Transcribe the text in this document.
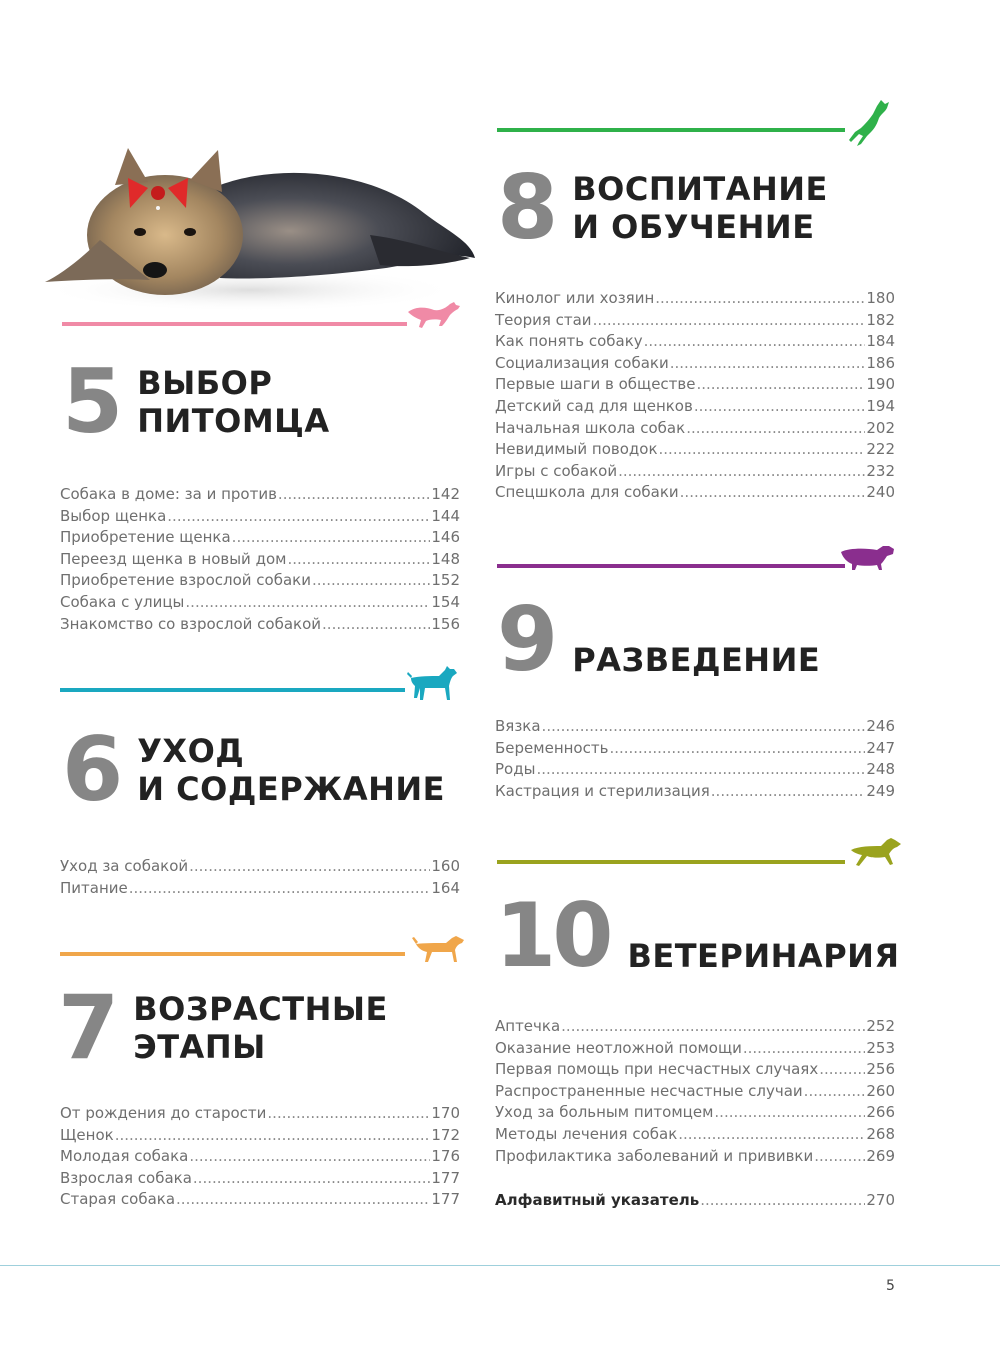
5 ВЫБОР
ПИТОМЦА
Собака в доме: за и против .....	142
Выбор щенка .....	144
Приобретение щенка .....	146
Переезд щенка в новый дом .....	148
Приобретение взрослой собаки .....	152
Собака с улицы .....	154
Знакомство со взрослой собакой .....	156
6 УХОД
И СОДЕРЖАНИЕ
Уход за собакой .....	160
Питание .....	164
7 ВОЗРАСТНЫЕ
ЭТАПЫ
От рождения до старости .....	170
Щенок .....	172
Молодая собака .....	176
Взрослая собака .....	177
Старая собака .....	177
8 ВОСПИТАНИЕ
И ОБУЧЕНИЕ
Кинолог или хозяин .....	180
Теория стаи .....	182
Как понять собаку .....	184
Социализация собаки .....	186
Первые шаги в обществе .....	190
Детский сад для щенков .....	194
Начальная школа собак .....	202
Невидимый поводок .....	222
Игры с собакой .....	232
Спецшкола для собаки .....	240
9 РАЗВЕДЕНИЕ
Вязка .....	246
Беременность .....	247
Роды .....	248
Кастрация и стерилизация .....	249
10 ВЕТЕРИНАРИЯ
Аптечка .....	252
Оказание неотложной помощи .....	253
Первая помощь при несчастных случаях .....	256
Распространенные несчастные случаи .....	260
Уход за больным питомцем .....	266
Методы лечения собак .....	268
Профилактика заболеваний и прививки .....	269
Алфавитный указатель .....	270
5
